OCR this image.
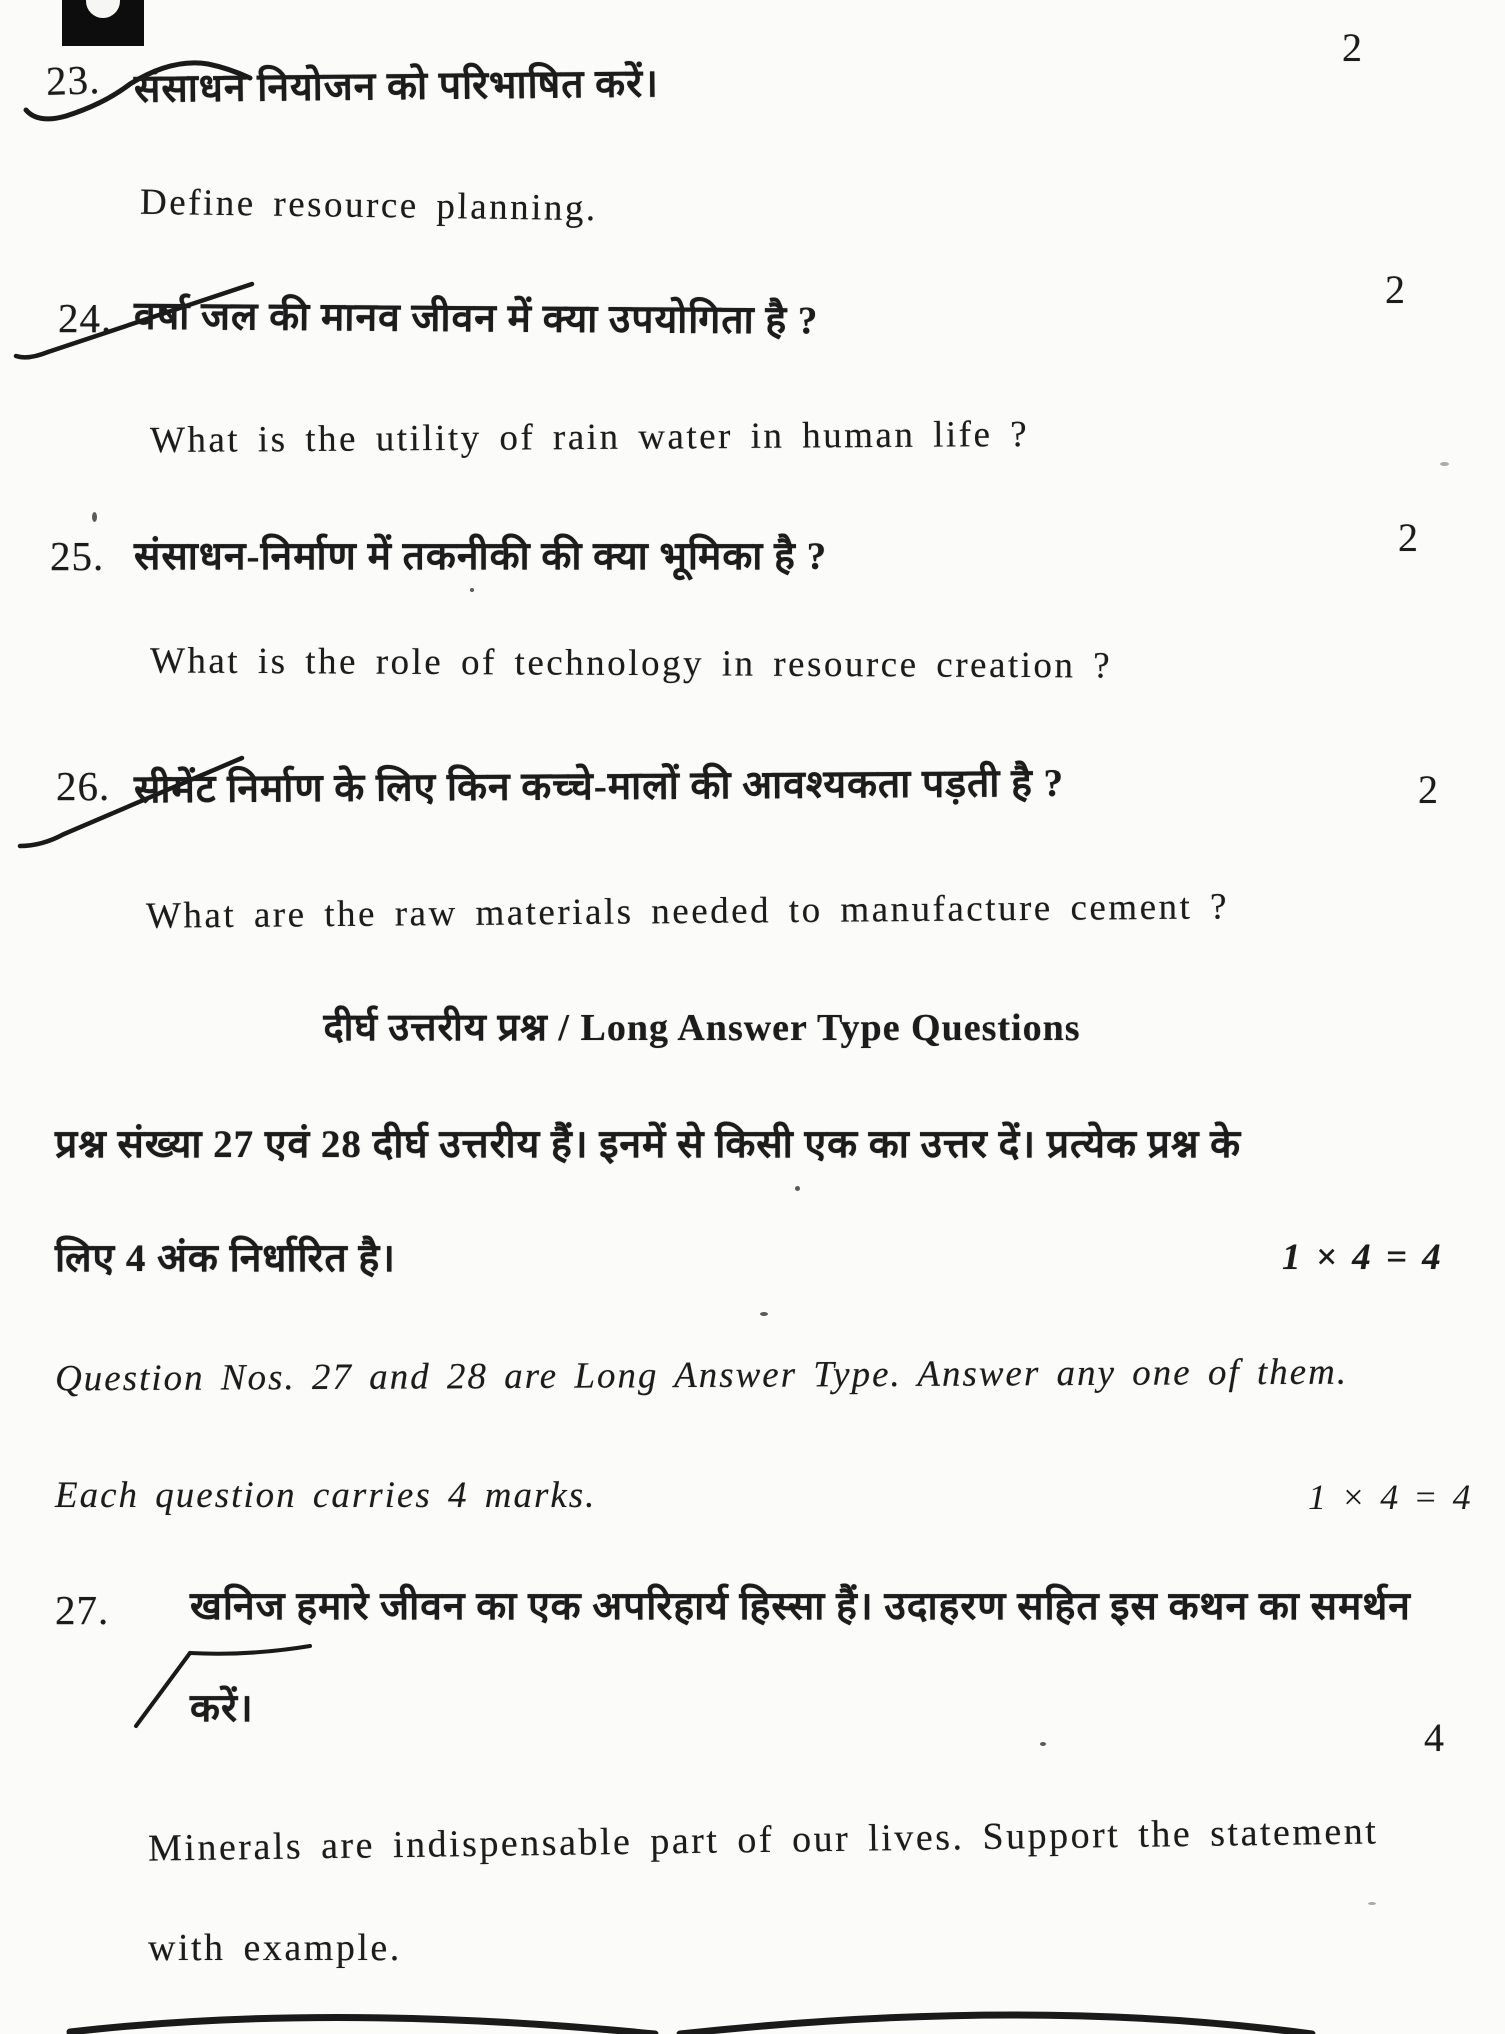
2
23. संसाधन नियोजन को परिभाषित करें।
Define resource planning.
2
24. वर्षा जल की मानव जीवन में क्या उपयोगिता है ?
What is the utility of rain water in human life ?
2
25. संसाधन-निर्माण में तकनीकी की क्या भूमिका है ?
What is the role of technology in resource creation ?
2
26. सीमेंट निर्माण के लिए किन कच्चे-मालों की आवश्यकता पड़ती है ?
What are the raw materials needed to manufacture cement ?
दीर्घ उत्तरीय प्रश्न / Long Answer Type Questions
प्रश्न संख्या 27 एवं 28 दीर्घ उत्तरीय हैं। इनमें से किसी एक का उत्तर दें। प्रत्येक प्रश्न के
लिए 4 अंक निर्धारित है।	1 × 4 = 4
Question Nos. 27 and 28 are Long Answer Type. Answer any one of them.
Each question carries 4 marks.	1 × 4 = 4
27. खनिज हमारे जीवन का एक अपरिहार्य हिस्सा हैं। उदाहरण सहित इस कथन का समर्थन
करें।
4
Minerals are indispensable part of our lives. Support the statement
with example.
